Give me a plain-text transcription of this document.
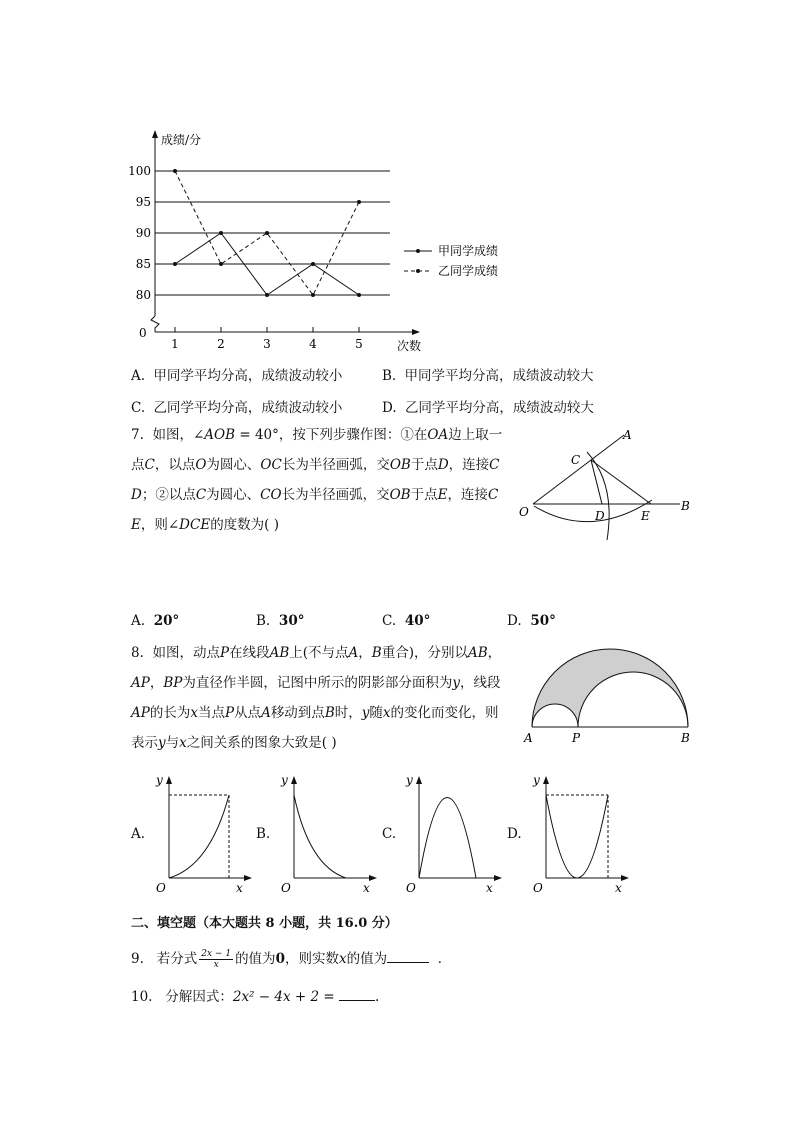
100
95
90
85
80
0
成绩/分
次数
1	2	3	4	5
甲同学成绩
乙同学成绩
A. 甲同学平均分高，成绩波动较小	B. 甲同学平均分高，成绩波动较大
C. 乙同学平均分高，成绩波动较小	D. 乙同学平均分高，成绩波动较大
7. 如图，∠AOB = 40°，按下列步骤作图：①在OA边上取一
点C，以点O为圆心、OC长为半径画弧，交OB于点D，连接C
D；②以点C为圆心、CO长为半径画弧，交OB于点E，连接C
E，则∠DCE的度数为( )
A
C
B
O	D	E
A. 20°	B. 30°	C. 40°	D. 50°
8. 如图，动点P在线段AB上(不与点A，B重合)，分别以AB，
AP，BP为直径作半圆，记图中所示的阴影部分面积为y，线段
AP的长为x当点P从点A移动到点B时，y随x的变化而变化，则
表示y与x之间关系的图象大致是( )	A	P	B
A.
y
x
O
B.
y
x
O
C.
y
x
O
D.
y
x
O
二、填空题（本大题共 8 小题，共 16.0 分）
9. 若分式 $\frac{2x - 1}{x}$ 的值为0，则实数x的值为	．
10. 分解因式：2x² − 4x + 2 =	.
